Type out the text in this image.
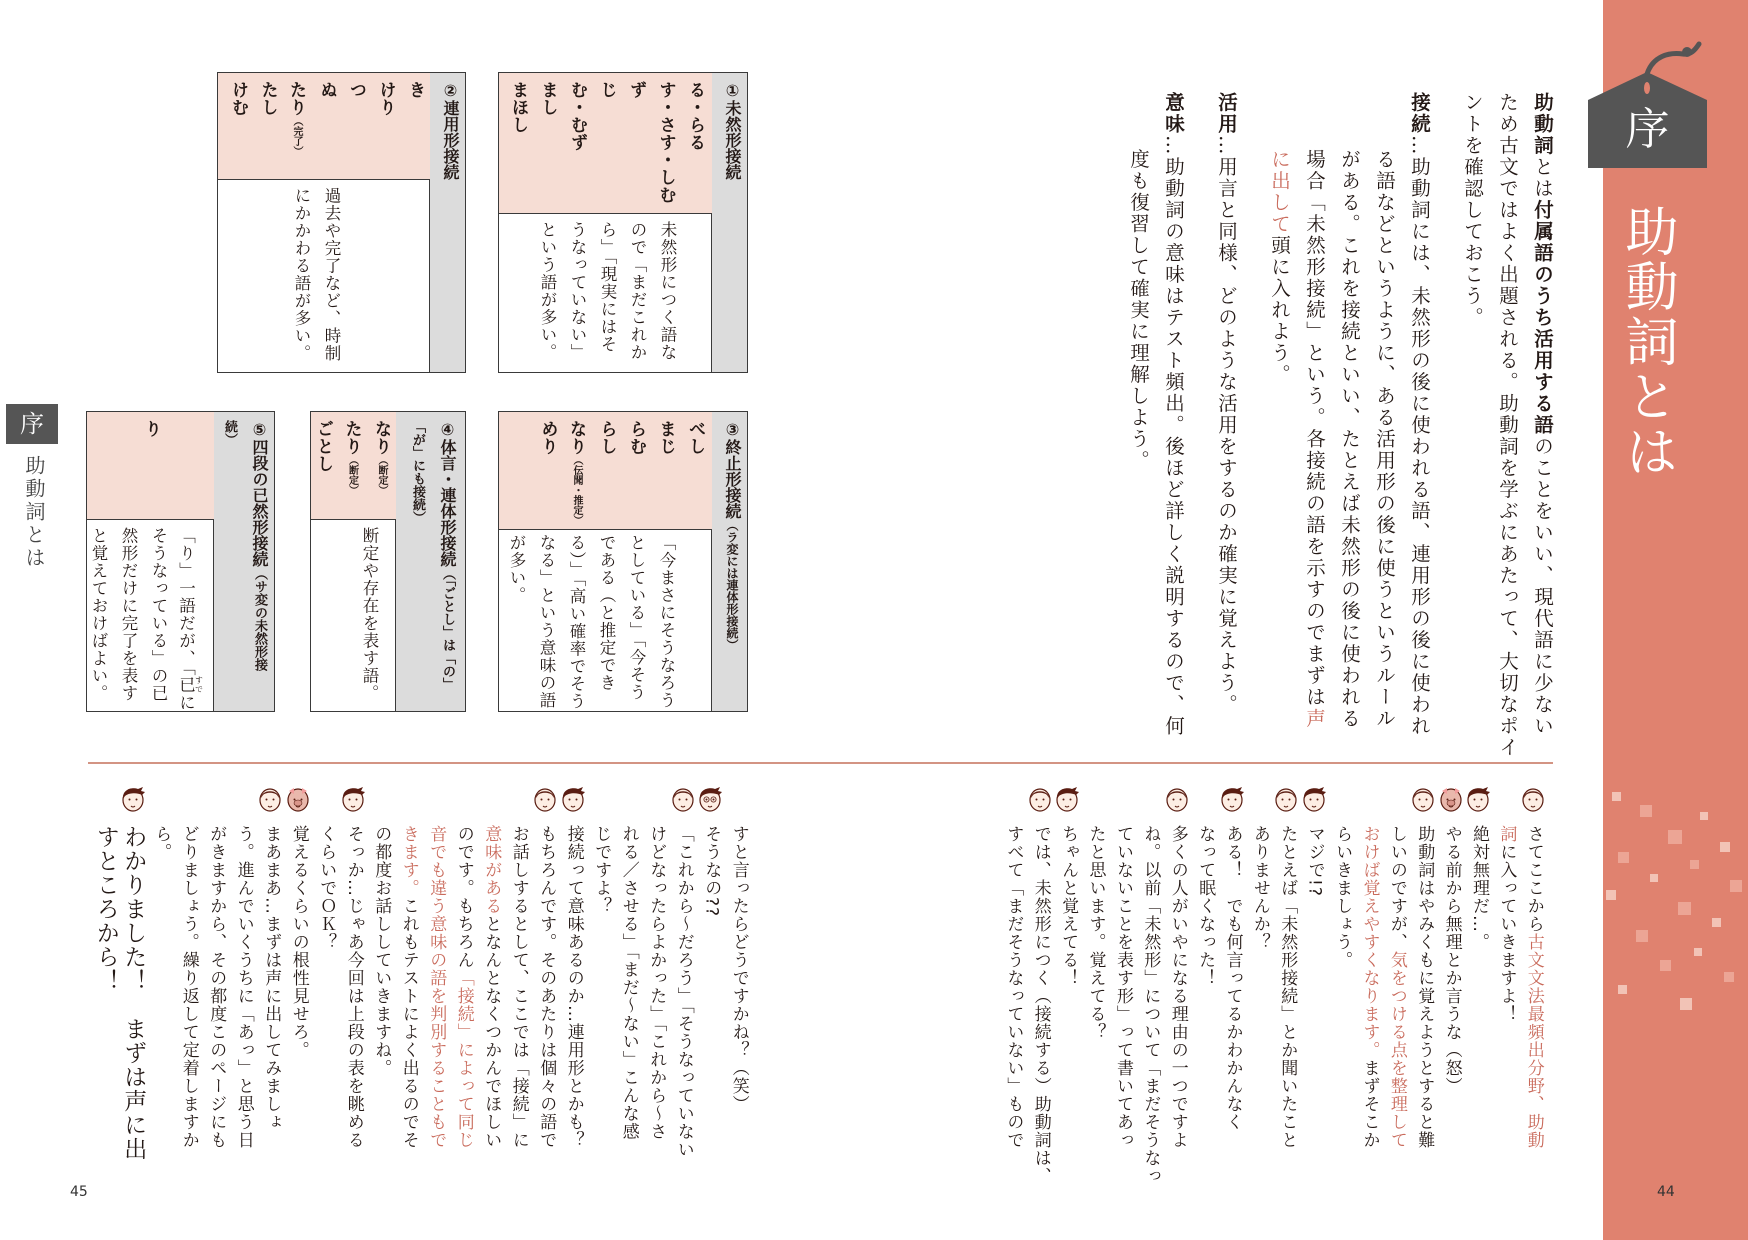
序
助動詞とは
助動詞とは付属語のうち活用する語のことをいい、現代語に少ない
ため古文ではよく出題される。助動詞を学ぶにあたって、大切なポイ
ントを確認しておこう。
接続…助動詞には、未然形の後に使われる語、連用形の後に使われ
る語などというように、ある活用形の後に使うというルール
がある。これを接続といい、たとえば未然形の後に使われる
場合「未然形接続」という。各接続の語を示すのでまずは声
に出して頭に入れよう。
活用…用言と同様、どのような活用をするのか確実に覚えよう。
意味…助動詞の意味はテスト頻出。後ほど詳しく説明するので、何
度も復習して確実に理解しよう。
①未然形接続
る・らる
す・さす・しむ
ず
じ
む・むず
まし
まほし
未然形につく語な
ので「まだこれか
ら」「現実にはそ
うなっていない」
という語が多い。
②連用形接続
き
けり
つ
ぬ
たり（完了）
たし
けむ
過去や完了など、時制
にかかわる語が多い。
③終止形接続（ラ変には連体形接続）
べし
まじ
らむ
らし
なり（伝聞・推定）
めり
「今まさにそうなろう
としている」「今そう
である（と推定でき
る）」「高い確率でそう
なる」という意味の語
が多い。
④体言・連体形接続（「ごとし」は「の」
「が」にも接続）
なり（断定）
たり（断定）
ごとし
断定や存在を表す語。
⑤四段の已然形接続（サ変の未然形接
続）
り
「り」一語だが、「已 すでに
そうなっている」の已
然形だけに完了を表す
と覚えておけばよい。
序
助動詞とは
さてここから古文文法最頻出分野、助動
詞に入っていきますよ！
絶対無理だ…。
やる前から無理とか言うな（怒）
助動詞はやみくもに覚えようとすると難
しいのですが、気をつける点を整理して
おけば覚えやすくなります。まずそこか
らいきましょう。
マジで!?
たとえば「未然形接続」とか聞いたこと
ありませんか？
ある！　でも何言ってるかわかんなく
なって眠くなった！
多くの人がいやになる理由の一つですよ
ね。以前「未然形」について「まだそうなっ
ていないことを表す形」って書いてあっ
たと思います。覚えてる？
ちゃんと覚えてる！
では、未然形につく（接続する）助動詞は、
すべて「まだそうなっていない」もので
すと言ったらどうですかね？（笑）
そうなの??
「これから〜だろう」「そうなっていない
けどなったらよかった」「これから〜さ
れる／させる」「まだ〜ない」こんな感
じですよ？
接続って意味あるのか…連用形とかも？
もちろんです。そのあたりは個々の語で
お話しするとして、ここでは「接続」に
意味があるとなんとなくつかんでほしい
のです。もちろん「接続」によって同じ
音でも違う意味の語を判別することもで
きます。これもテストによく出るのでそ
の都度お話ししていきますね。
そっか…じゃあ今回は上段の表を眺める
くらいでＯＫ？
覚えるくらいの根性見せろ。
まあまあ…まずは声に出してみましょ
う。進んでいくうちに「あっ」と思う日
がきますから、その都度このページにも
どりましょう。繰り返して定着しますか
ら。
わかりました！　まずは声に出
すところから！
44
45
